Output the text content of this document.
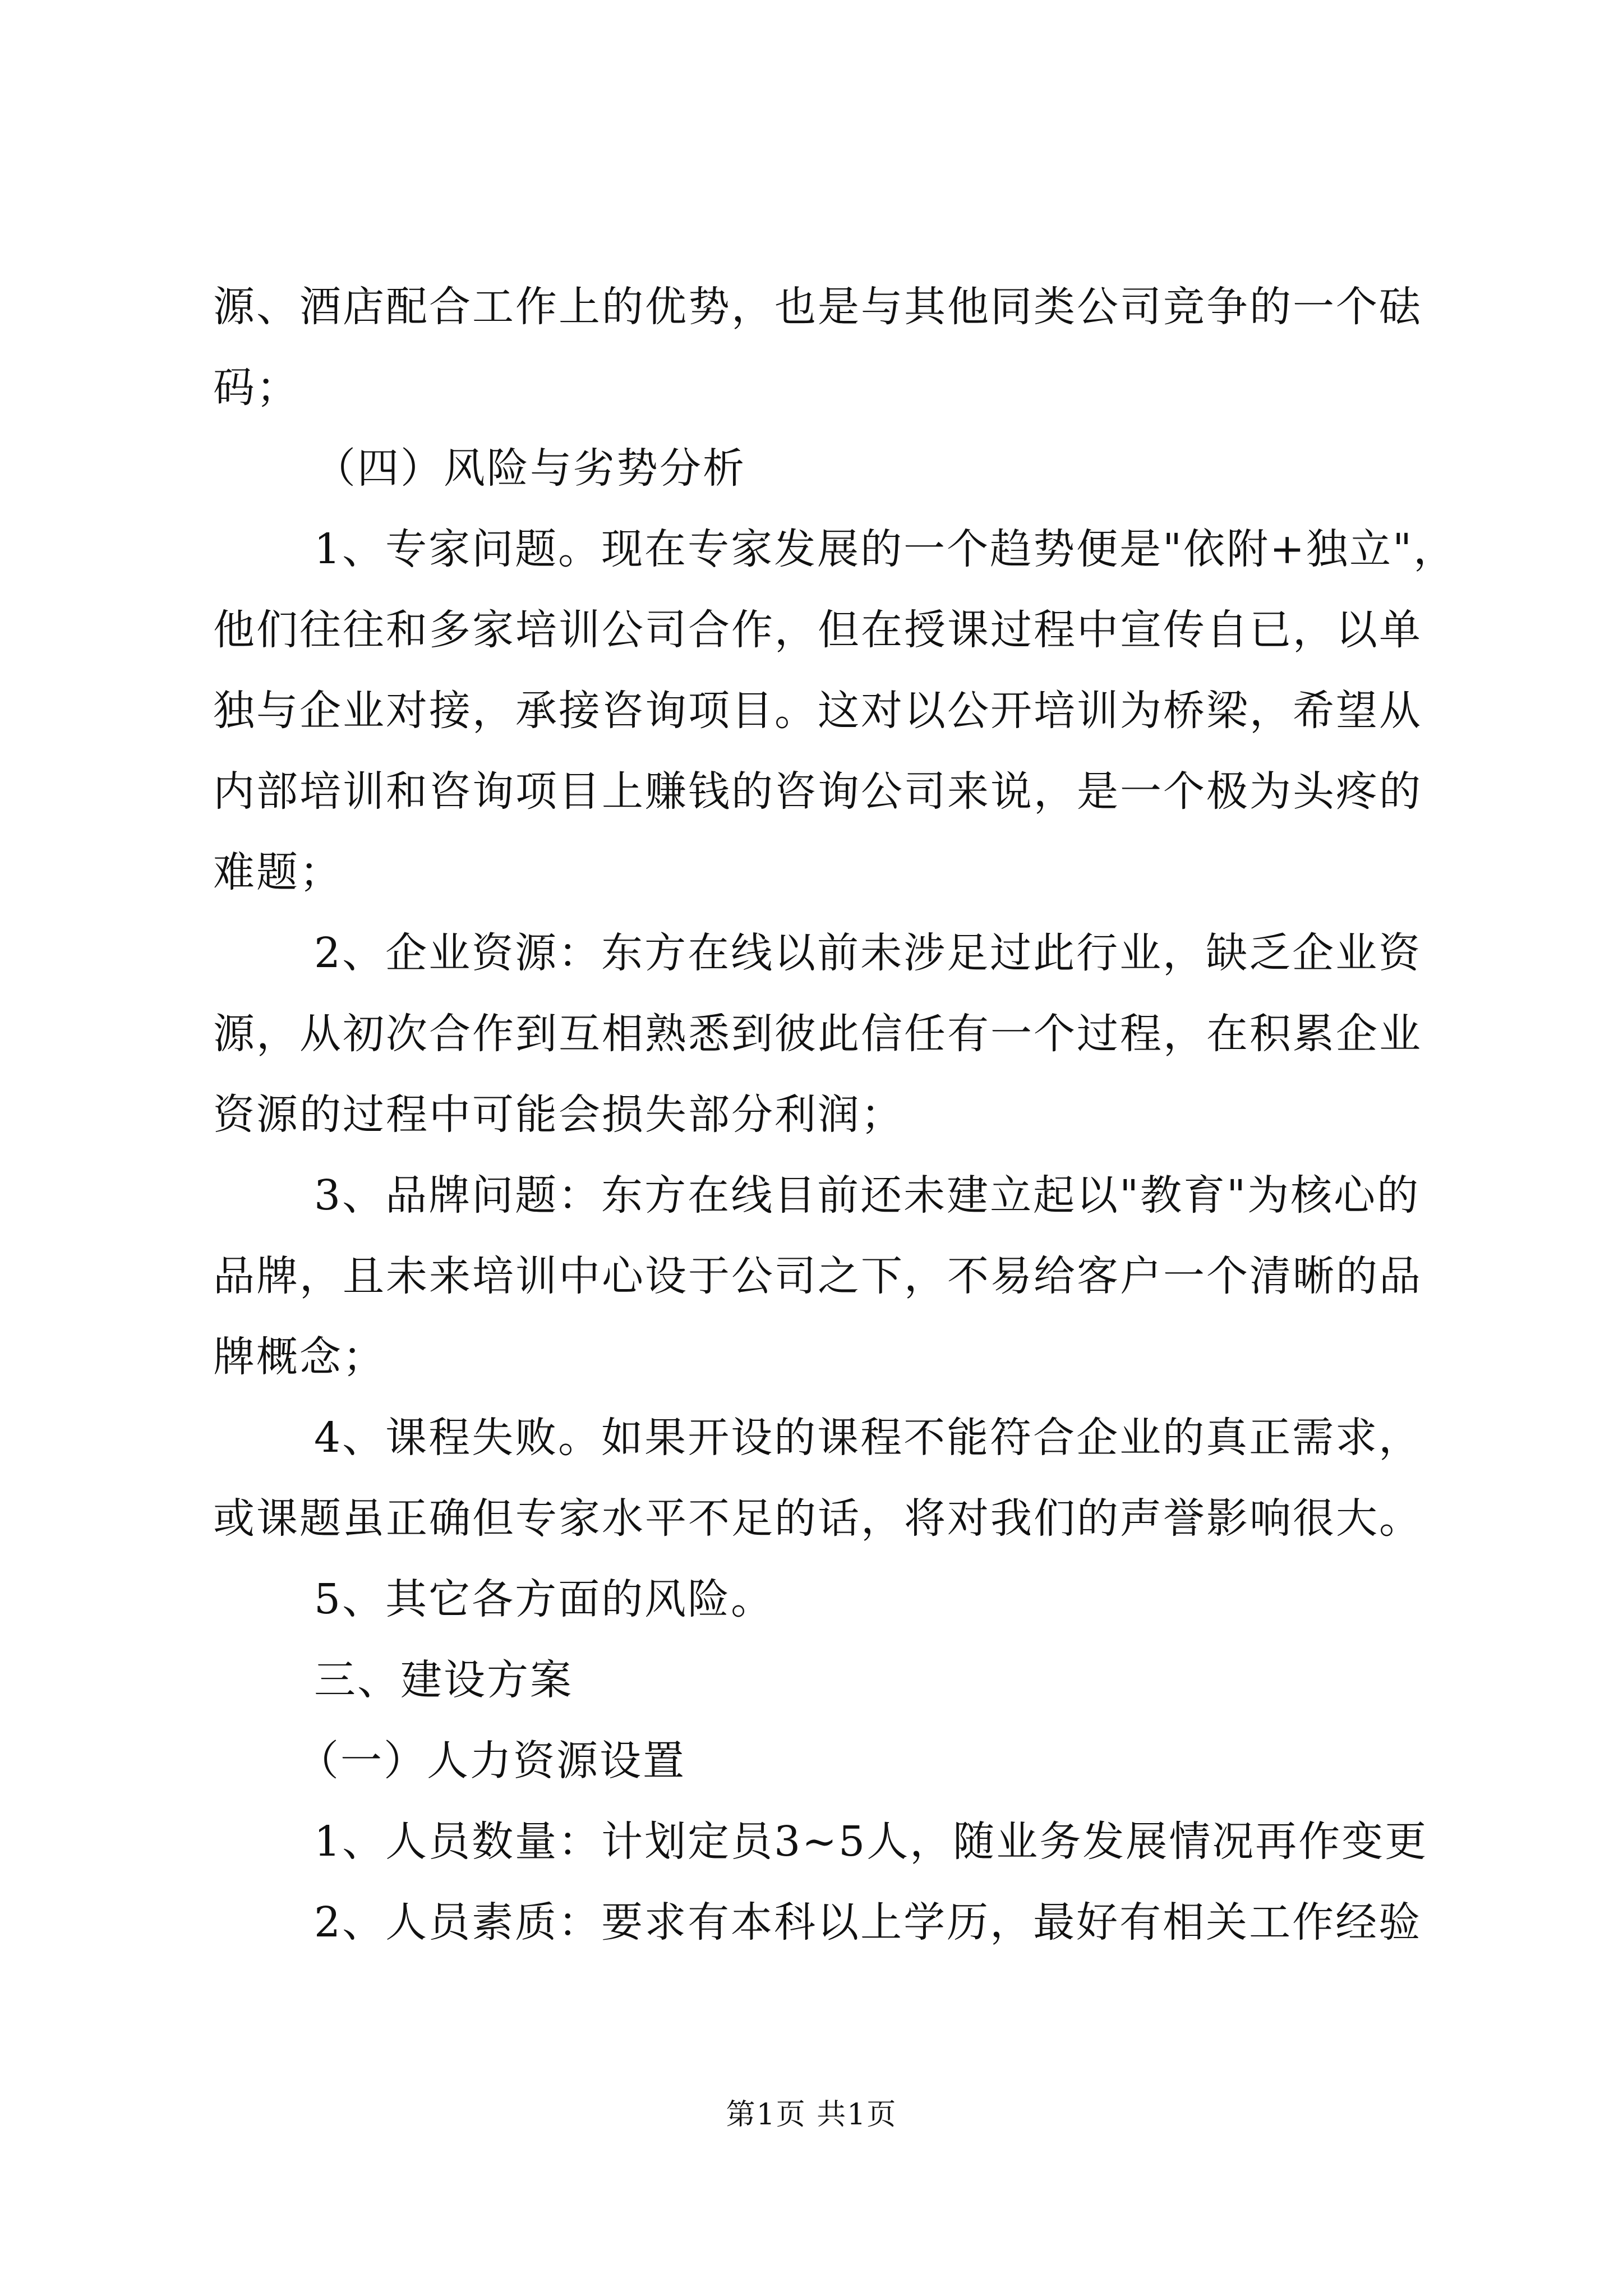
源、酒店配合工作上的优势，也是与其他同类公司竞争的一个砝
码；
（四）风险与劣势分析
1、专家问题。现在专家发展的一个趋势便是"依附+独立"，
他们往往和多家培训公司合作，但在授课过程中宣传自已，以单
独与企业对接，承接咨询项目。这对以公开培训为桥梁，希望从
内部培训和咨询项目上赚钱的咨询公司来说，是一个极为头疼的
难题；
2、企业资源：东方在线以前未涉足过此行业，缺乏企业资
源，从初次合作到互相熟悉到彼此信任有一个过程，在积累企业
资源的过程中可能会损失部分利润；
3、品牌问题：东方在线目前还未建立起以"教育"为核心的
品牌，且未来培训中心设于公司之下，不易给客户一个清晰的品
牌概念；
4、课程失败。如果开设的课程不能符合企业的真正需求，
或课题虽正确但专家水平不足的话，将对我们的声誉影响很大。
5、其它各方面的风险。
三、建设方案
（一）人力资源设置
1、人员数量：计划定员3~5人，随业务发展情况再作变更
2、人员素质：要求有本科以上学历，最好有相关工作经验
第1页 共1页
